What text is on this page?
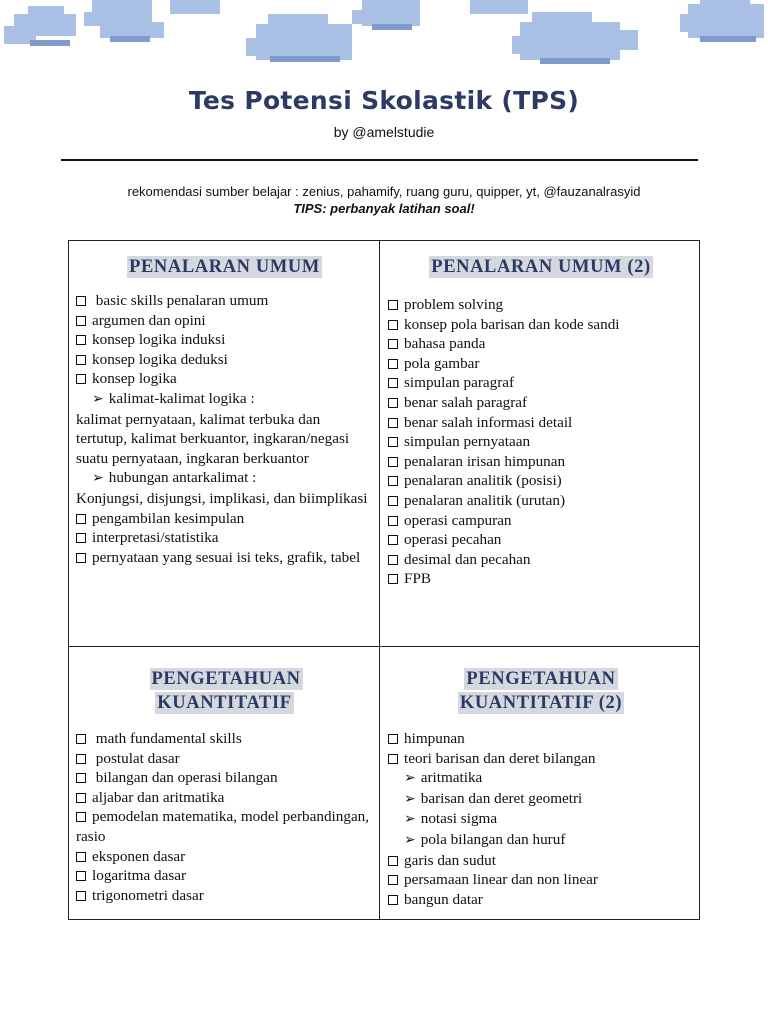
Tes Potensi Skolastik (TPS)
by @amelstudie
rekomendasi sumber belajar : zenius, pahamify, ruang guru, quipper, yt, @fauzanalrasyid
TIPS: perbanyak latihan soal!
PENALARAN UMUM
basic skills penalaran umum
argumen dan opini
konsep logika induksi
konsep logika deduksi
konsep logika
➢ kalimat-kalimat logika :
kalimat pernyataan, kalimat terbuka dan tertutup, kalimat berkuantor, ingkaran/negasi suatu pernyataan, ingkaran berkuantor
➢ hubungan antarkalimat :
Konjungsi, disjungsi, implikasi, dan biimplikasi
pengambilan kesimpulan
interpretasi/statistika
pernyataan yang sesuai isi teks, grafik, tabel
PENALARAN UMUM (2)
problem solving
konsep pola barisan dan kode sandi
bahasa panda
pola gambar
simpulan paragraf
benar salah paragraf
benar salah informasi detail
simpulan pernyataan
penalaran irisan himpunan
penalaran analitik (posisi)
penalaran analitik (urutan)
operasi campuran
operasi pecahan
desimal dan pecahan
FPB
PENGETAHUAN KUANTITATIF
math fundamental skills
postulat dasar
bilangan dan operasi bilangan
aljabar dan aritmatika
pemodelan matematika, model perbandingan, rasio
eksponen dasar
logaritma dasar
trigonometri dasar
PENGETAHUAN KUANTITATIF (2)
himpunan
teori barisan dan deret bilangan
➢ aritmatika
➢ barisan dan deret geometri
➢ notasi sigma
➢ pola bilangan dan huruf
garis dan sudut
persamaan linear dan non linear
bangun datar
